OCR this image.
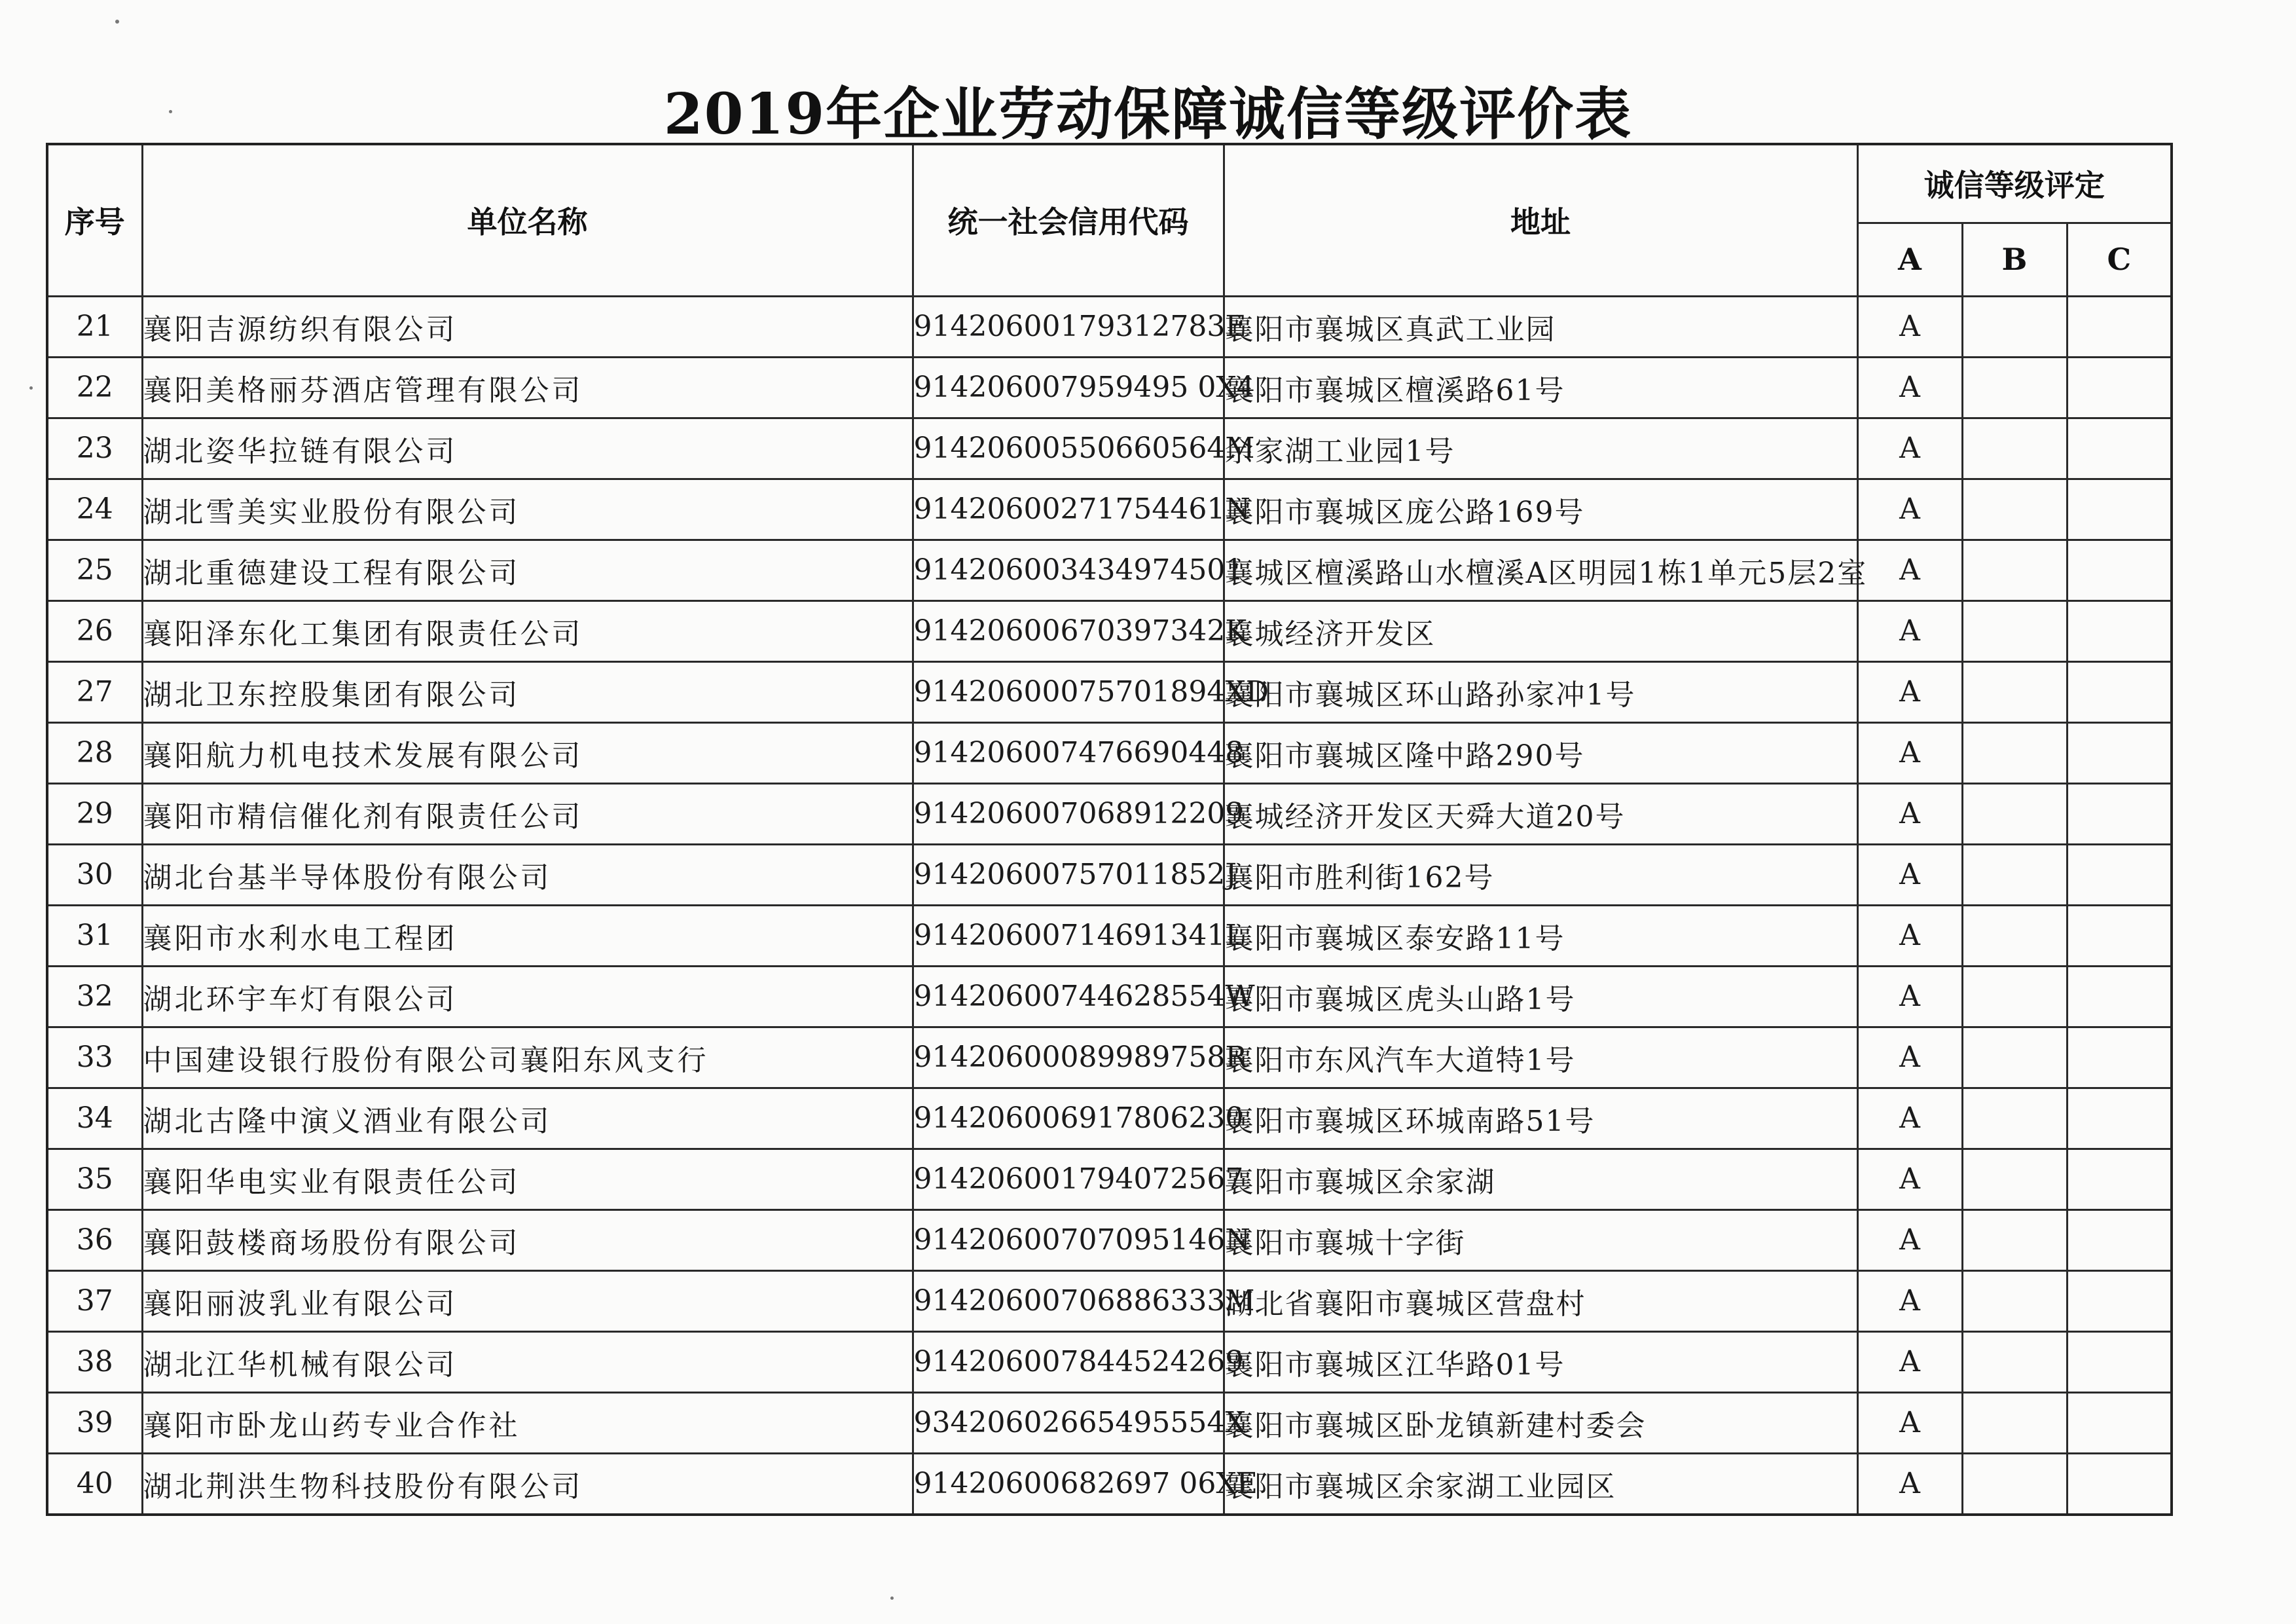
2019年企业劳动保障诚信等级评价表
序号	单位名称	统一社会信用代码	地址	诚信等级评定		
				A	B	C
21	襄阳吉源纺织有限公司	91420600179312783E	襄阳市襄城区真武工业园	A		
22	襄阳美格丽芬酒店管理有限公司	914206007959495 0X4	襄阳市襄城区檀溪路61号	A		
23	湖北姿华拉链有限公司	91420600550660564M	余家湖工业园1号	A		
24	湖北雪美实业股份有限公司	91420600271754461N	襄阳市襄城区庞公路169号	A		
25	湖北重德建设工程有限公司	914206003434974501	襄城区檀溪路山水檀溪A区明园1栋1单元5层2室	A		
26	襄阳泽东化工集团有限责任公司	91420600670397342K	襄城经济开发区	A		
27	湖北卫东控股集团有限公司	91420600075701894XD	襄阳市襄城区环山路孙家冲1号	A		
28	襄阳航力机电技术发展有限公司	914206007476690448	襄阳市襄城区隆中路290号	A		
29	襄阳市精信催化剂有限责任公司	914206007068912209	襄城经济开发区天舜大道20号	A		
30	湖北台基半导体股份有限公司	91420600757011852J	襄阳市胜利街162号	A		
31	襄阳市水利水电工程团	91420600714691341L	襄阳市襄城区泰安路11号	A		
32	湖北环宇车灯有限公司	91420600744628554W	襄阳市襄城区虎头山路1号	A		
33	中国建设银行股份有限公司襄阳东风支行	91420600089989758R	襄阳市东风汽车大道特1号	A		
34	湖北古隆中演义酒业有限公司	914206006917806230	襄阳市襄城区环城南路51号	A		
35	襄阳华电实业有限责任公司	914206001794072567	襄阳市襄城区余家湖	A		
36	襄阳鼓楼商场股份有限公司	91420600707095146N	襄阳市襄城十字街	A		
37	襄阳丽波乳业有限公司	91420600706886333M	湖北省襄阳市襄城区营盘村	A		
38	湖北江华机械有限公司	914206007844524269	襄阳市襄城区江华路01号	A		
39	襄阳市卧龙山药专业合作社	93420602665495554X	襄阳市襄城区卧龙镇新建村委会	A		
40	湖北荆洪生物科技股份有限公司	91420600682697 06XE	襄阳市襄城区余家湖工业园区	A		
